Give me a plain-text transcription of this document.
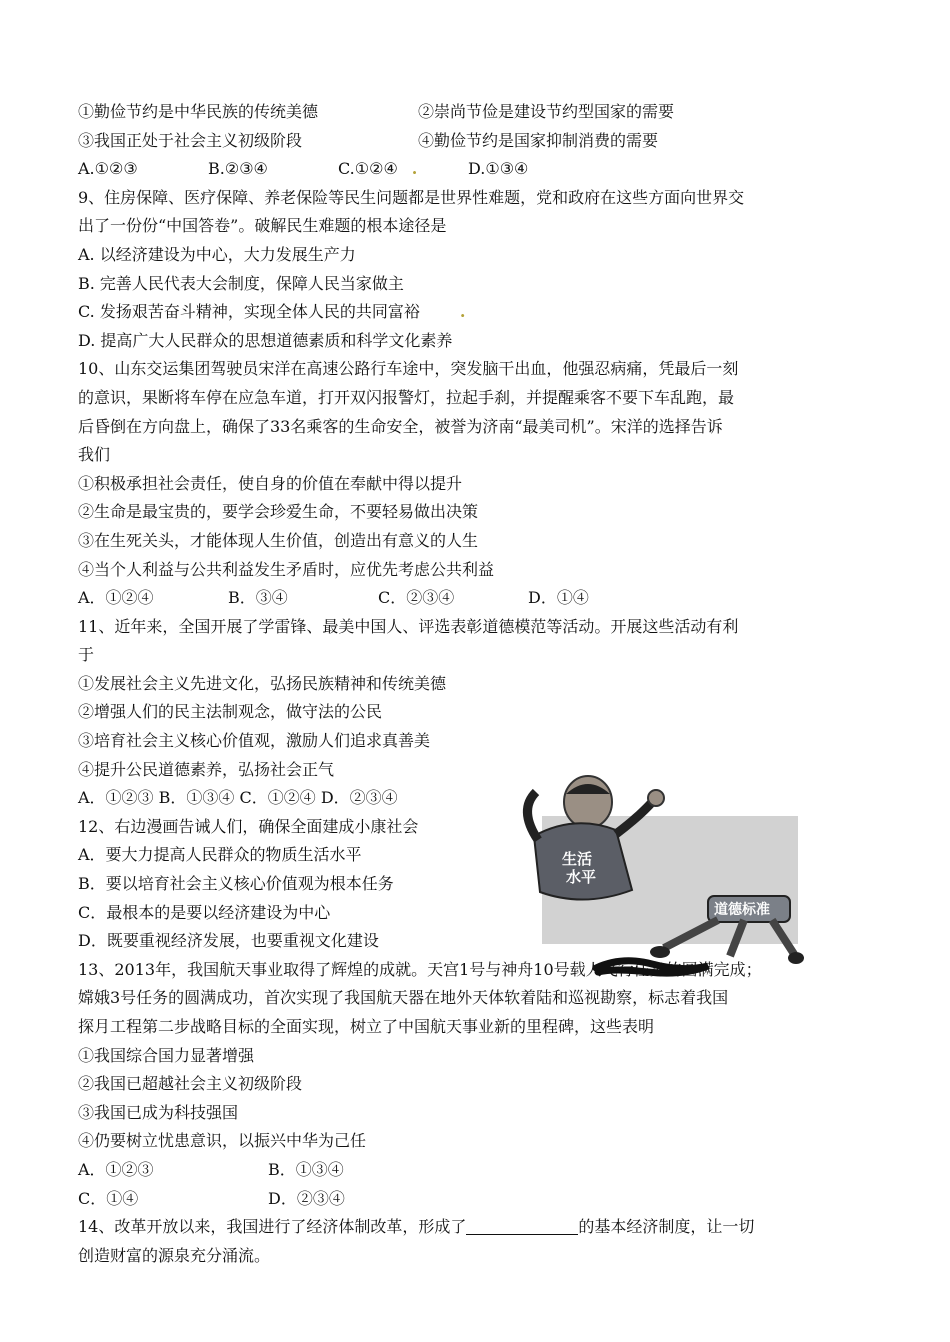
①勤俭节约是中华民族的传统美德	②崇尚节俭是建设节约型国家的需要
③我国正处于社会主义初级阶段	④勤俭节约是国家抑制消费的需要
A.①②③	B.②③④	C.①②④ .	D.①③④
9、住房保障、医疗保障、养老保险等民生问题都是世界性难题，党和政府在这些方面向世界交
出了一份份“中国答卷”。破解民生难题的根本途径是
A. 以经济建设为中心，大力发展生产力
B. 完善人民代表大会制度，保障人民当家做主
C. 发扬艰苦奋斗精神，实现全体人民的共同富裕	.
D. 提高广大人民群众的思想道德素质和科学文化素养
10、山东交运集团驾驶员宋洋在高速公路行车途中，突发脑干出血，他强忍病痛，凭最后一刻
的意识，果断将车停在应急车道，打开双闪报警灯，拉起手刹，并提醒乘客不要下车乱跑，最
后昏倒在方向盘上，确保了33名乘客的生命安全，被誉为济南“最美司机”。宋洋的选择告诉
我们
①积极承担社会责任，使自身的价值在奉献中得以提升
②生命是最宝贵的，要学会珍爱生命，不要轻易做出决策
③在生死关头，才能体现人生价值，创造出有意义的人生
④当个人利益与公共利益发生矛盾时，应优先考虑公共利益
A．①②④	B．③④	C．②③④	D．①④
11、近年来，全国开展了学雷锋、最美中国人、评选表彰道德模范等活动。开展这些活动有利
于
①发展社会主义先进文化，弘扬民族精神和传统美德
②增强人们的民主法制观念，做守法的公民
③培育社会主义核心价值观，激励人们追求真善美
④提升公民道德素养，弘扬社会正气
A．①②③ B．①③④ C．①②④ D．②③④
12、右边漫画告诫人们，确保全面建成小康社会
A．要大力提高人民群众的物质生活水平
B．要以培育社会主义核心价值观为根本任务
C．最根本的是要以经济建设为中心
D．既要重视经济发展，也要重视文化建设
13、2013年，我国航天事业取得了辉煌的成就。天宫1号与神舟10号载人飞行任务的圆满完成；
嫦娥3号任务的圆满成功，首次实现了我国航天器在地外天体软着陆和巡视勘察，标志着我国
探月工程第二步战略目标的全面实现，树立了中国航天事业新的里程碑，这些表明
①我国综合国力显著增强
②我国已超越社会主义初级阶段
③我国已成为科技强国
④仍要树立忧患意识，以振兴中华为己任
A．①②③	B．①③④
C．①④	D．②③④
14、改革开放以来，我国进行了经济体制改革，形成了	的基本经济制度，让一切
创造财富的源泉充分涌流。
生活
水平
道德标准
